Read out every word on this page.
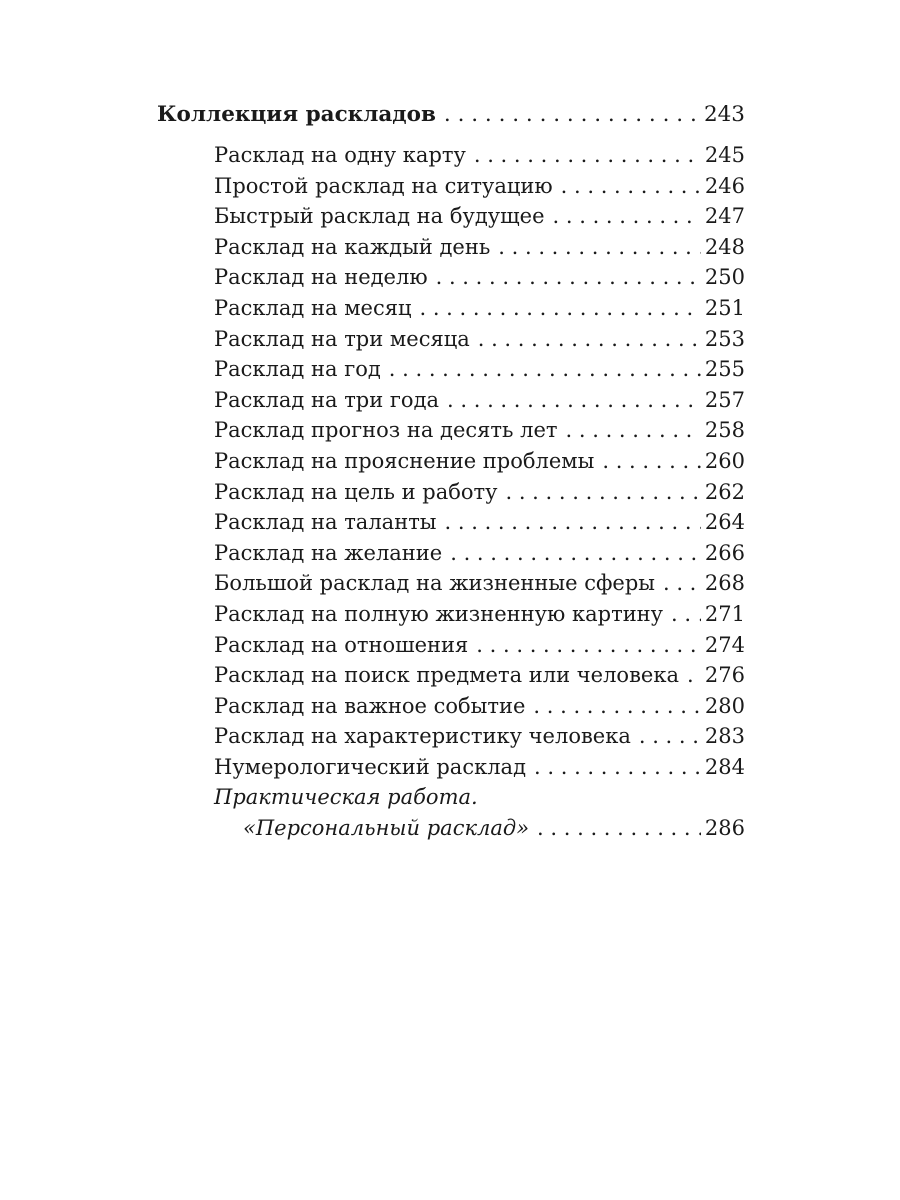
Коллекция раскладов . . .	243
Расклад на одну карту . . .	245
Простой расклад на ситуацию . . .	246
Быстрый расклад на будущее . . .	247
Расклад на каждый день . . .	248
Расклад на неделю . . .	250
Расклад на месяц . . .	251
Расклад на три месяца . . .	253
Расклад на год . . .	255
Расклад на три года . . .	257
Расклад прогноз на десять лет . . .	258
Расклад на прояснение проблемы . . .	260
Расклад на цель и работу . . .	262
Расклад на таланты . . .	264
Расклад на желание . . .	266
Большой расклад на жизненные сферы . . .	268
Расклад на полную жизненную картину . . .	271
Расклад на отношения . . .	274
Расклад на поиск предмета или человека . . .	276
Расклад на важное событие . . .	280
Расклад на характеристику человека . . .	283
Нумерологический расклад . . .	284
Практическая работа.
«Персональный расклад» . . .	286
